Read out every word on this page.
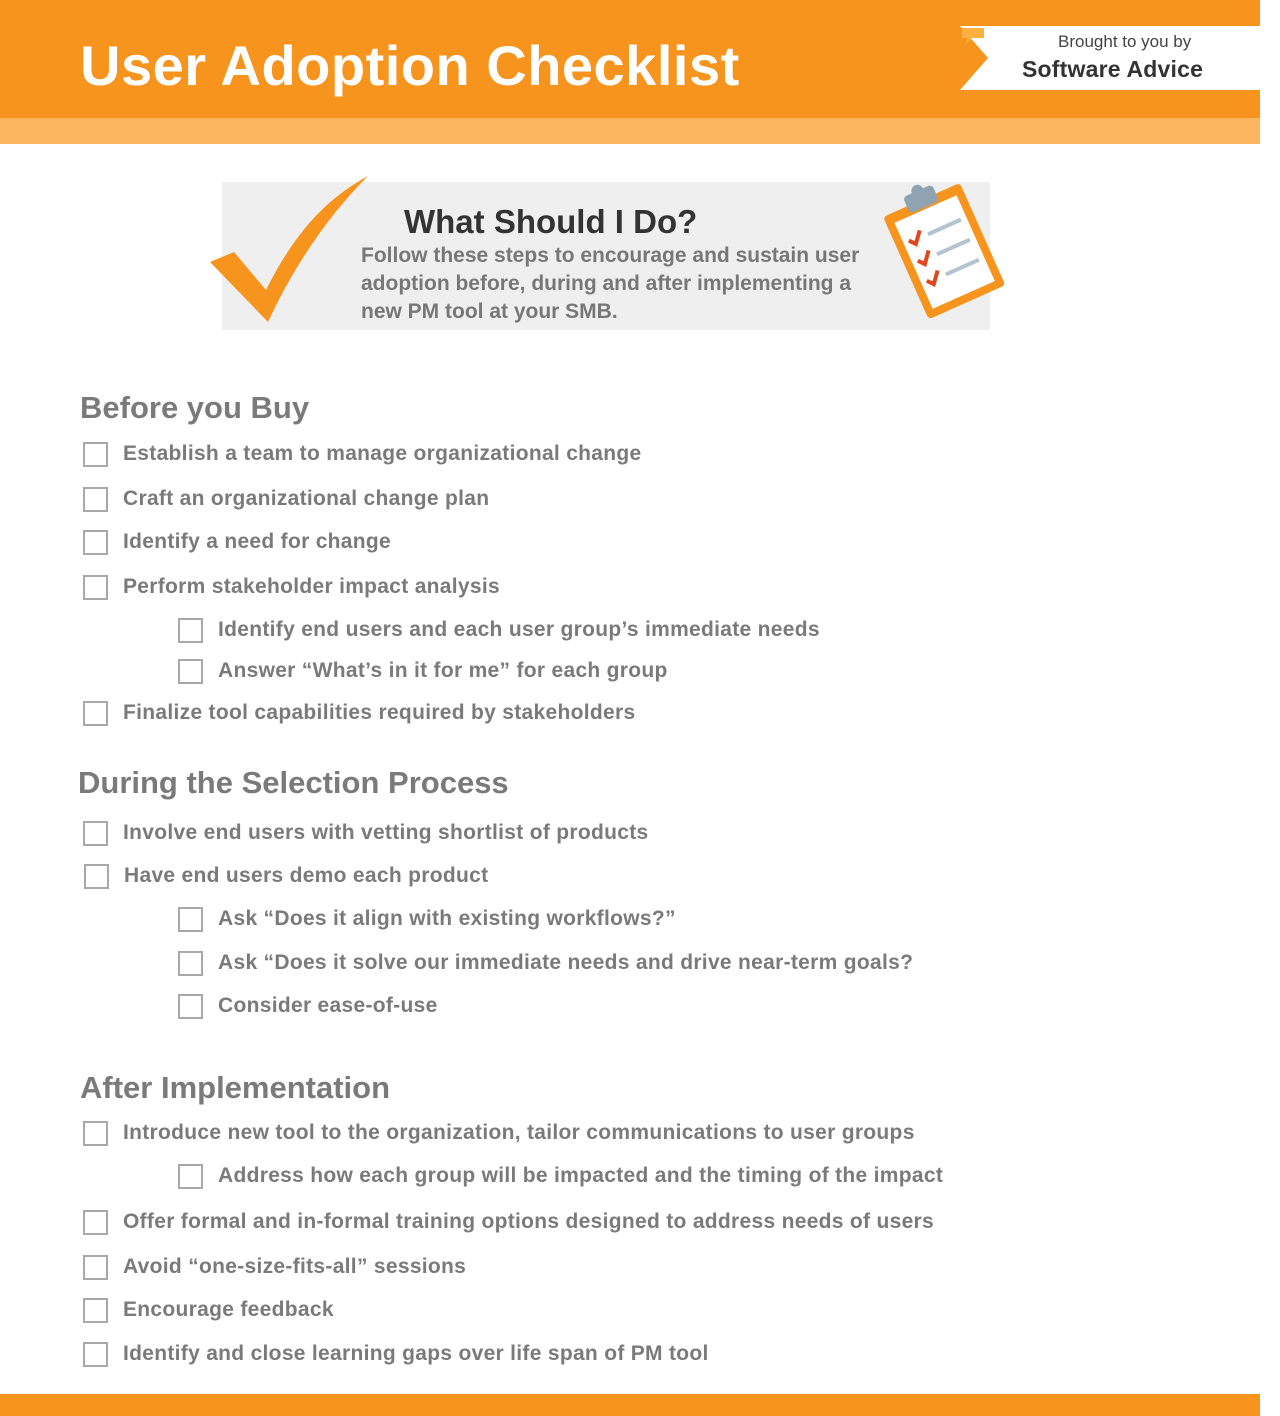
User Adoption Checklist	Brought to you by
Software Advice
What Should I Do?
Follow these steps to encourage and sustain user adoption before, during and after implementing a new PM tool at your SMB.
Before you Buy
Establish a team to manage organizational change
Craft an organizational change plan
Identify a need for change
Perform stakeholder impact analysis
Identify end users and each user group’s immediate needs
Answer “What’s in it for me” for each group
Finalize tool capabilities required by stakeholders
During the Selection Process
Involve end users with vetting shortlist of products
Have end users demo each product
Ask “Does it align with existing workflows?”
Ask “Does it solve our immediate needs and drive near-term goals?
Consider ease-of-use
After Implementation
Introduce new tool to the organization, tailor communications to user groups
Address how each group will be impacted and the timing of the impact
Offer formal and in-formal training options designed to address needs of users
Avoid “one-size-fits-all” sessions
Encourage feedback
Identify and close learning gaps over life span of PM tool
